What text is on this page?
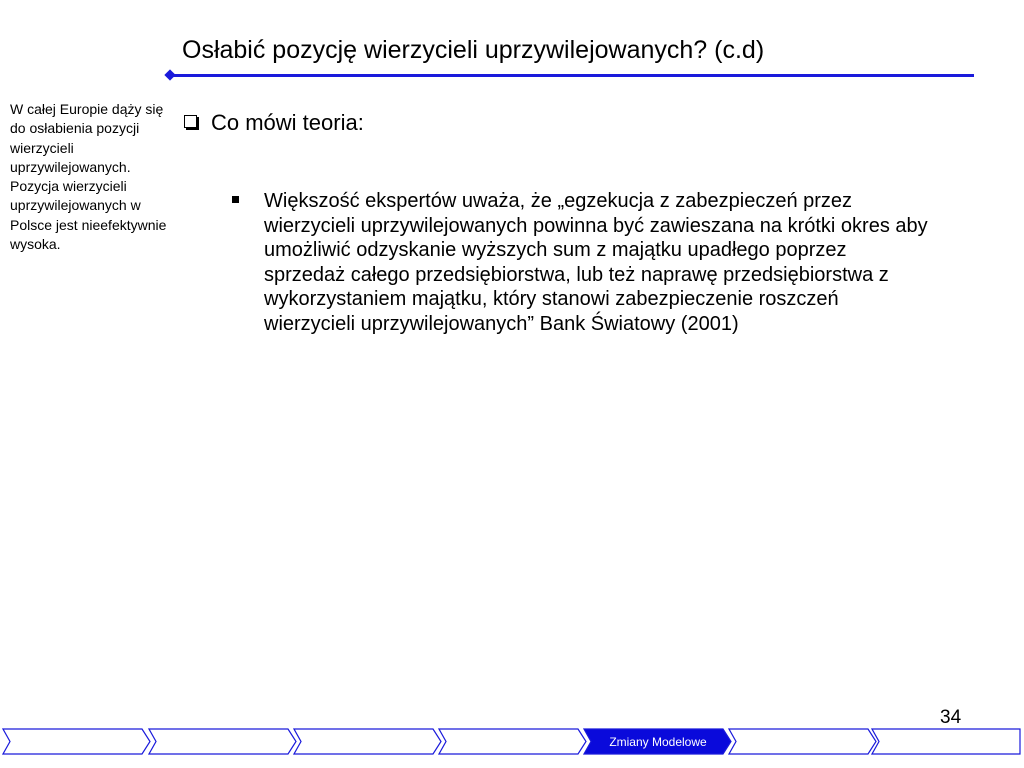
Osłabić pozycję wierzycieli uprzywilejowanych? (c.d)
W całej Europie dąży się do osłabienia pozycji wierzycieli uprzywilejowanych. Pozycja wierzycieli uprzywilejowanych w Polsce jest nieefektywnie wysoka.
Co mówi teoria:
Większość ekspertów uważa, że „egzekucja z zabezpieczeń przez wierzycieli uprzywilejowanych powinna być zawieszana na krótki okres aby umożliwić odzyskanie wyższych sum z majątku upadłego poprzez sprzedaż całego przedsiębiorstwa, lub też naprawę przedsiębiorstwa z wykorzystaniem majątku, który stanowi zabezpieczenie roszczeń wierzycieli uprzywilejowanych” Bank Światowy (2001)
34
Zmiany Modelowe
